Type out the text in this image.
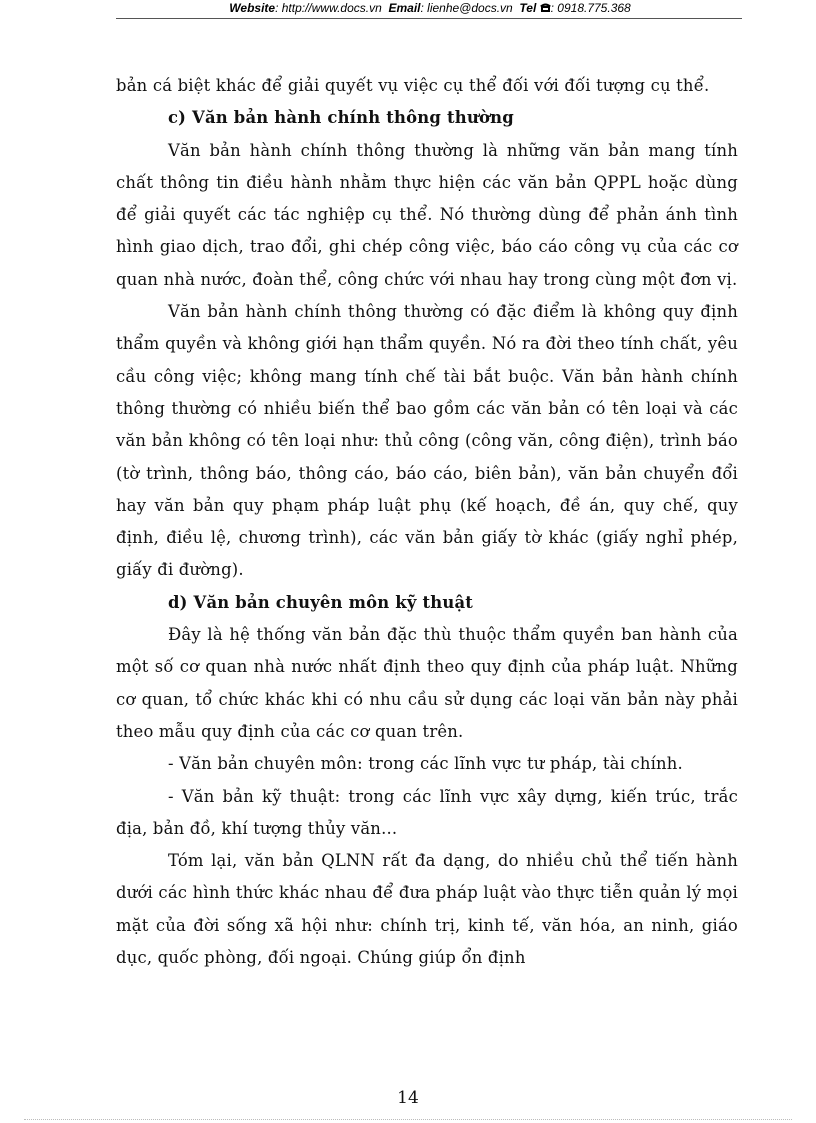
Website: http://www.docs.vn Email: lienhe@docs.vn Tel : 0918.775.368

bản cá biệt khác để giải quyết vụ việc cụ thể đối với đối tượng cụ thể.

c) Văn bản hành chính thông thường

Văn bản hành chính thông thường là những văn bản mang tính chất thông tin điều hành nhằm thực hiện các văn bản QPPL hoặc dùng để giải quyết các tác nghiệp cụ thể. Nó thường dùng để phản ánh tình hình giao dịch, trao đổi, ghi chép công việc, báo cáo công vụ của các cơ quan nhà nước, đoàn thể, công chức với nhau hay trong cùng một đơn vị.

Văn bản hành chính thông thường có đặc điểm là không quy định thẩm quyền và không giới hạn thẩm quyền. Nó ra đời theo tính chất, yêu cầu công việc; không mang tính chế tài bắt buộc. Văn bản hành chính thông thường có nhiều biến thể bao gồm các văn bản có tên loại và các văn bản không có tên loại như: thủ công (công văn, công điện), trình báo (tờ trình, thông báo, thông cáo, báo cáo, biên bản), văn bản chuyển đổi hay văn bản quy phạm pháp luật phụ (kế hoạch, đề án, quy chế, quy định, điều lệ, chương trình), các văn bản giấy tờ khác (giấy nghỉ phép, giấy đi đường).

d) Văn bản chuyên môn kỹ thuật

Đây là hệ thống văn bản đặc thù thuộc thẩm quyền ban hành của một số cơ quan nhà nước nhất định theo quy định của pháp luật. Những cơ quan, tổ chức khác khi có nhu cầu sử dụng các loại văn bản này phải theo mẫu quy định của các cơ quan trên.

- Văn bản chuyên môn: trong các lĩnh vực tư pháp, tài chính.

- Văn bản kỹ thuật: trong các lĩnh vực xây dựng, kiến trúc, trắc địa, bản đồ, khí tượng thủy văn...

Tóm lại, văn bản QLNN rất đa dạng, do nhiều chủ thể tiến hành dưới các hình thức khác nhau để đưa pháp luật vào thực tiễn quản lý mọi mặt của đời sống xã hội như: chính trị, kinh tế, văn hóa, an ninh, giáo dục, quốc phòng, đối ngoại. Chúng giúp ổn định

14
